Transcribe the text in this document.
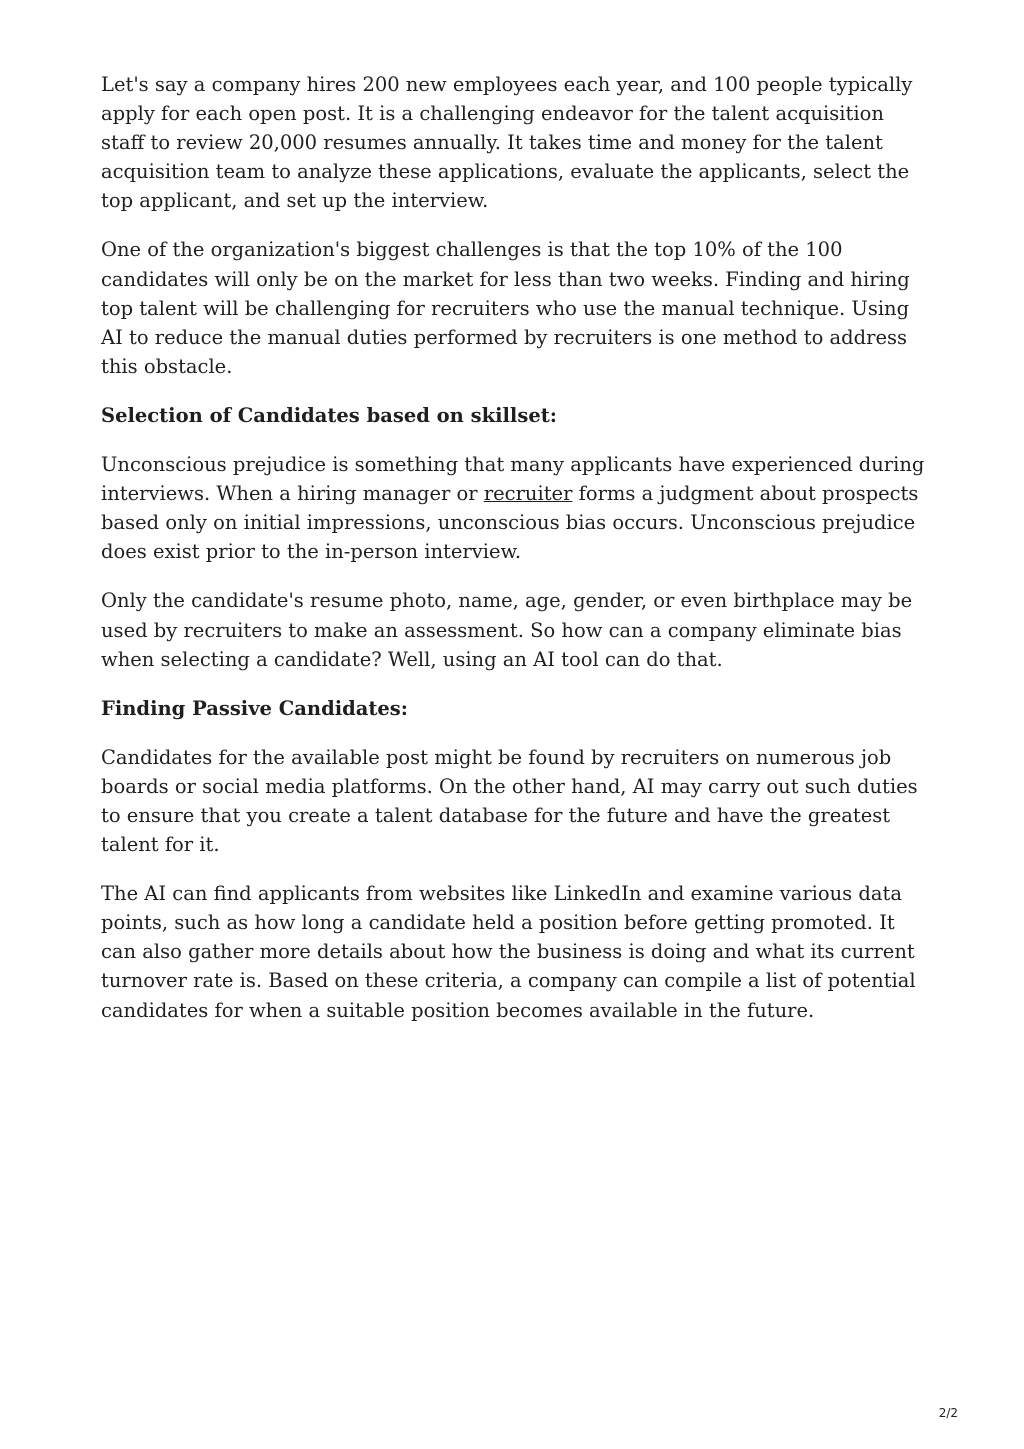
Let's say a company hires 200 new employees each year, and 100 people typically apply for each open post. It is a challenging endeavor for the talent acquisition staff to review 20,000 resumes annually. It takes time and money for the talent acquisition team to analyze these applications, evaluate the applicants, select the top applicant, and set up the interview.

One of the organization's biggest challenges is that the top 10% of the 100 candidates will only be on the market for less than two weeks. Finding and hiring top talent will be challenging for recruiters who use the manual technique. Using AI to reduce the manual duties performed by recruiters is one method to address this obstacle.

Selection of Candidates based on skillset:

Unconscious prejudice is something that many applicants have experienced during interviews. When a hiring manager or recruiter forms a judgment about prospects based only on initial impressions, unconscious bias occurs. Unconscious prejudice does exist prior to the in-person interview.

Only the candidate's resume photo, name, age, gender, or even birthplace may be used by recruiters to make an assessment. So how can a company eliminate bias when selecting a candidate? Well, using an AI tool can do that.

Finding Passive Candidates:

Candidates for the available post might be found by recruiters on numerous job boards or social media platforms. On the other hand, AI may carry out such duties to ensure that you create a talent database for the future and have the greatest talent for it.

The AI can find applicants from websites like LinkedIn and examine various data points, such as how long a candidate held a position before getting promoted. It can also gather more details about how the business is doing and what its current turnover rate is. Based on these criteria, a company can compile a list of potential candidates for when a suitable position becomes available in the future.

2/2
